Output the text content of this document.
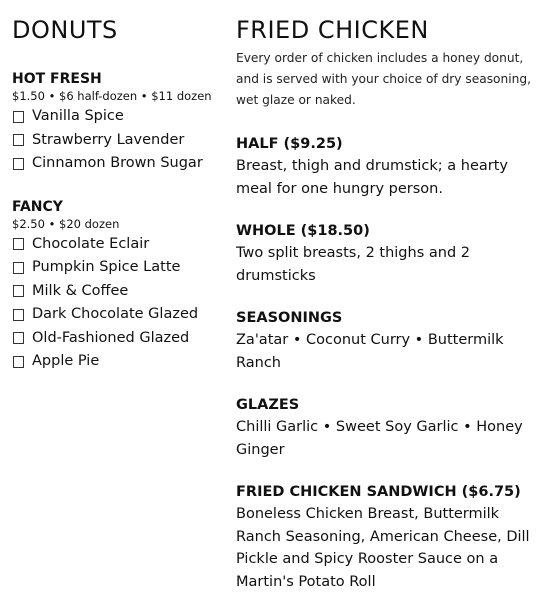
DONUTS
HOT FRESH

$1.50 • $6 half-dozen • $11 dozen

Vanilla Spice
Strawberry Lavender
Cinnamon Brown Sugar
FANCY

$2.50 • $20 dozen

Chocolate Eclair
Pumpkin Spice Latte
Milk & Coffee
Dark Chocolate Glazed
Old-Fashioned Glazed
Apple Pie
FRIED CHICKEN

Every order of chicken includes a honey donut, and is served with your choice of dry seasoning, wet glaze or naked.

HALF ($9.25)

Breast, thigh and drumstick; a hearty meal for one hungry person.

WHOLE ($18.50)

Two split breasts, 2 thighs and 2 drumsticks

SEASONINGS

Za'atar • Coconut Curry • Buttermilk Ranch

GLAZES

Chilli Garlic • Sweet Soy Garlic • Honey Ginger

FRIED CHICKEN SANDWICH ($6.75)

Boneless Chicken Breast, Buttermilk Ranch Seasoning, American Cheese, Dill Pickle and Spicy Rooster Sauce on a Martin's Potato Roll
